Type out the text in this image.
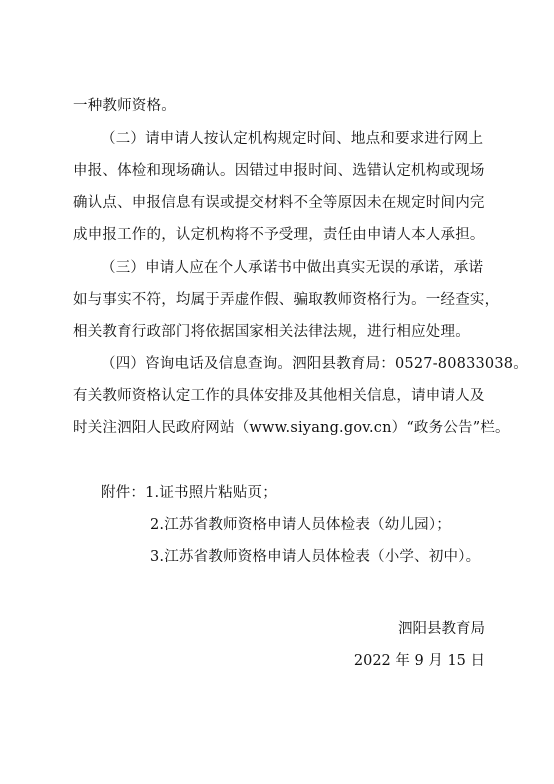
一种教师资格。
（二）请申请人按认定机构规定时间、地点和要求进行网上
申报、体检和现场确认。因错过申报时间、选错认定机构或现场
确认点、申报信息有误或提交材料不全等原因未在规定时间内完
成申报工作的，认定机构将不予受理，责任由申请人本人承担。
（三）申请人应在个人承诺书中做出真实无误的承诺，承诺
如与事实不符，均属于弄虚作假、骗取教师资格行为。一经查实，
相关教育行政部门将依据国家相关法律法规，进行相应处理。
（四）咨询电话及信息查询。泗阳县教育局：0527-80833038。
有关教师资格认定工作的具体安排及其他相关信息，请申请人及
时关注泗阳人民政府网站（www.siyang.gov.cn）“政务公告”栏。
附件：1.证书照片粘贴页；
2.江苏省教师资格申请人员体检表（幼儿园）；
3.江苏省教师资格申请人员体检表（小学、初中）。
泗阳县教育局
2022 年 9 月 15 日
